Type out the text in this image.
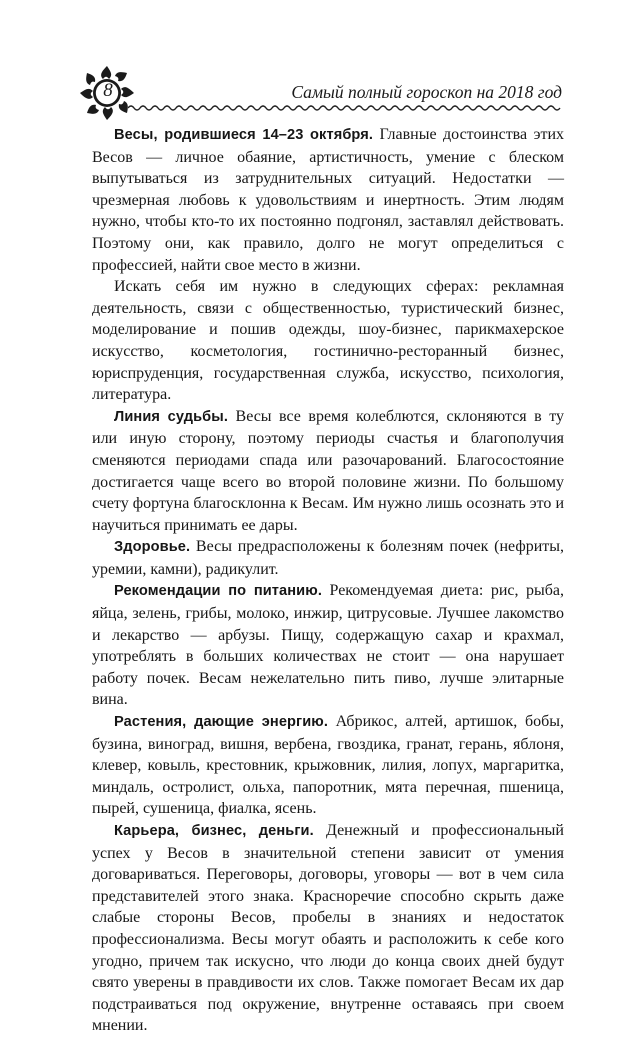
8	Самый полный гороскоп на 2018 год

Весы, родившиеся 14–23 октября. Главные достоинства этих Весов — личное обаяние, артистичность, умение с блеском выпутываться из затруднительных ситуаций. Недостатки — чрезмерная любовь к удовольствиям и инертность. Этим людям нужно, чтобы кто-то их постоянно подгонял, заставлял действовать. Поэтому они, как правило, долго не могут определиться с профессией, найти свое место в жизни.

Искать себя им нужно в следующих сферах: рекламная деятельность, связи с общественностью, туристический бизнес, моделирование и пошив одежды, шоу-бизнес, парикмахерское искусство, косметология, гостинично-ресторанный бизнес, юриспруденция, государственная служба, искусство, психология, литература.

Линия судьбы. Весы все время колеблются, склоняются в ту или иную сторону, поэтому периоды счастья и благополучия сменяются периодами спада или разочарований. Благосостояние достигается чаще всего во второй половине жизни. По большому счету фортуна благосклонна к Весам. Им нужно лишь осознать это и научиться принимать ее дары.

Здоровье. Весы предрасположены к болезням почек (нефриты, уремии, камни), радикулит.

Рекомендации по питанию. Рекомендуемая диета: рис, рыба, яйца, зелень, грибы, молоко, инжир, цитрусовые. Лучшее лакомство и лекарство — арбузы. Пищу, содержащую сахар и крахмал, употреблять в больших количествах не стоит — она нарушает работу почек. Весам нежелательно пить пиво, лучше элитарные вина.

Растения, дающие энергию. Абрикос, алтей, артишок, бобы, бузина, виноград, вишня, вербена, гвоздика, гранат, герань, яблоня, клевер, ковыль, крестовник, крыжовник, лилия, лопух, маргаритка, миндаль, остролист, ольха, папоротник, мята перечная, пшеница, пырей, сушеница, фиалка, ясень.

Карьера, бизнес, деньги. Денежный и профессиональный успех у Весов в значительной степени зависит от умения договариваться. Переговоры, договоры, уговоры — вот в чем сила представителей этого знака. Красноречие способно скрыть даже слабые стороны Весов, пробелы в знаниях и недостаток профессионализма. Весы могут обаять и расположить к себе кого угодно, причем так искусно, что люди до конца своих дней будут свято уверены в правдивости их слов. Также помогает Весам их дар подстраиваться под окружение, внутренне оставаясь при своем мнении.
